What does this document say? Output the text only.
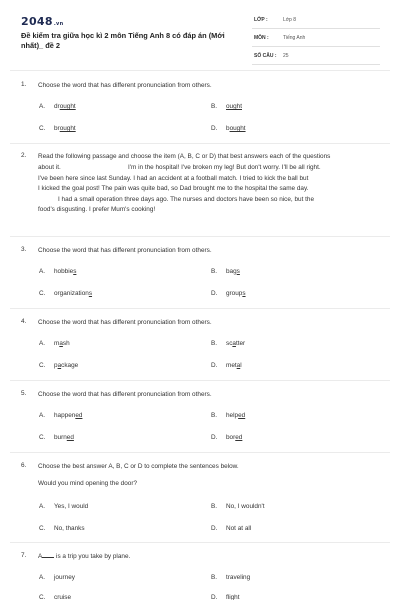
2048.vn
Đề kiểm tra giữa học kì 2 môn Tiếng Anh 8 có đáp án (Mới nhất)_ đề 2
LỚP :	Lớp 8
MÔN :	Tiếng Anh
SỐ CÂU : 25
1. Choose the word that has different pronunciation from others.
A. drought	B. ought
C. brought	D. bought
2. Read the following passage and choose the item (A, B, C or D) that best answers each of the questions about it.	I'm in the hospital! I've broken my leg! But don't worry. I'll be all right.
I've been here since last Sunday. I had an accident at a football match. I tried to kick the ball but
I kicked the goal post! The pain was quite bad, so Dad brought me to the hospital the same day.
I had a small operation three days ago. The nurses and doctors have been so nice, but the
food's disgusting. I prefer Mum's cooking!
3. Choose the word that has different pronunciation from others.
A. hobbies	B. bags
C. organizations	D. groups
4. Choose the word that has different pronunciation from others.
A. mash	B. scatter
C. package	D. metal
5. Choose the word that has different pronunciation from others.
A. happened	B. helped
C. burned	D. bored
6. Choose the best answer A, B, C or D to complete the sentences below.
Would you mind opening the door?
A. Yes, I would	B. No, I wouldn't
C. No, thanks	D. Not at all
7. A is a trip you take by plane.
A. journey	B. traveling
C. cruise	D. flight
